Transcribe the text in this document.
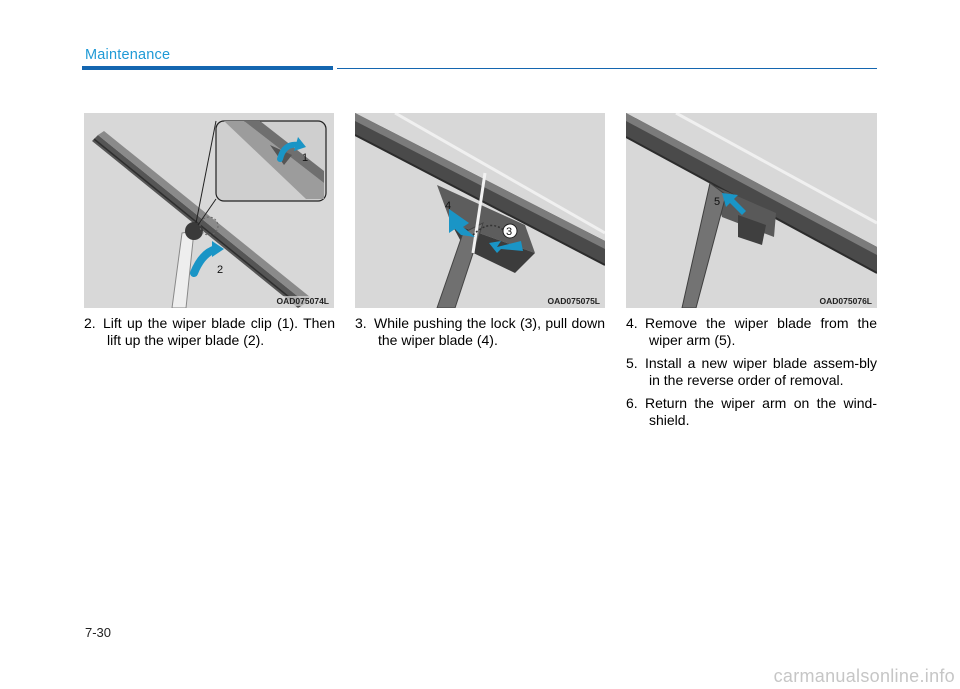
Maintenance
1
2
OAD075074L
4
3
OAD075075L
5
OAD075076L

2. Lift up the wiper blade clip (1). Then lift up the wiper blade (2).

3. While pushing the lock (3), pull down the wiper blade (4).

4. Remove the wiper blade from the wiper arm (5).

5. Install a new wiper blade assem-bly in the reverse order of removal.

6. Return the wiper arm on the wind-shield.

7-30
carmanualsonline.info
